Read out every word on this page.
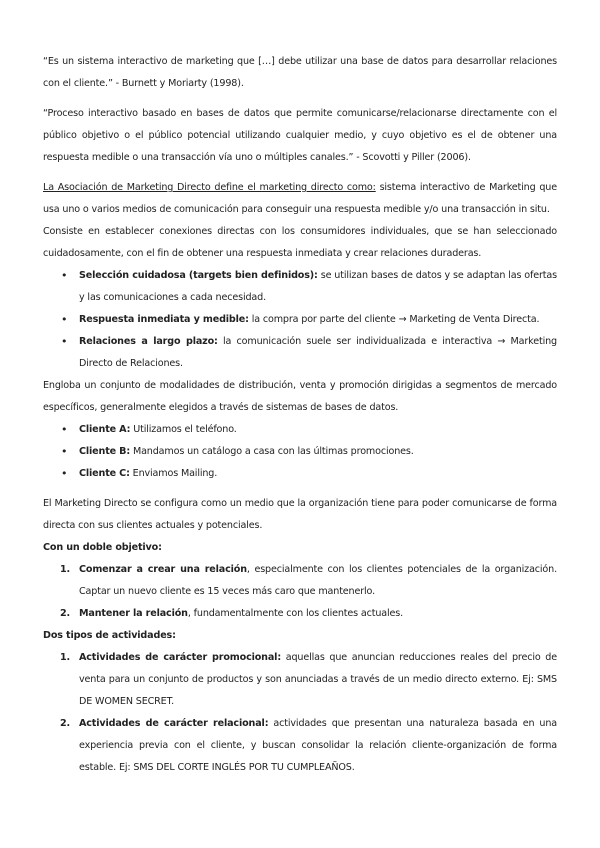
“Es un sistema interactivo de marketing que […] debe utilizar una base de datos para desarrollar relaciones con el cliente.” - Burnett y Moriarty (1998).

“Proceso interactivo basado en bases de datos que permite comunicarse/relacionarse directamente con el público objetivo o el público potencial utilizando cualquier medio, y cuyo objetivo es el de obtener una respuesta medible o una transacción vía uno o múltiples canales.” - Scovotti y Piller (2006).

La Asociación de Marketing Directo define el marketing directo como: sistema interactivo de Marketing que usa uno o varios medios de comunicación para conseguir una respuesta medible y/o una transacción in situ.

Consiste en establecer conexiones directas con los consumidores individuales, que se han seleccionado cuidadosamente, con el fin de obtener una respuesta inmediata y crear relaciones duraderas.

• Selección cuidadosa (targets bien definidos): se utilizan bases de datos y se adaptan las ofertas y las comunicaciones a cada necesidad.
• Respuesta inmediata y medible: la compra por parte del cliente → Marketing de Venta Directa.
• Relaciones a largo plazo: la comunicación suele ser individualizada e interactiva → Marketing Directo de Relaciones.

Engloba un conjunto de modalidades de distribución, venta y promoción dirigidas a segmentos de mercado específicos, generalmente elegidos a través de sistemas de bases de datos.

• Cliente A: Utilizamos el teléfono.
• Cliente B: Mandamos un catálogo a casa con las últimas promociones.
• Cliente C: Enviamos Mailing.

El Marketing Directo se configura como un medio que la organización tiene para poder comunicarse de forma directa con sus clientes actuales y potenciales.

Con un doble objetivo:

1. Comenzar a crear una relación, especialmente con los clientes potenciales de la organización. Captar un nuevo cliente es 15 veces más caro que mantenerlo.
2. Mantener la relación, fundamentalmente con los clientes actuales.

Dos tipos de actividades:

1. Actividades de carácter promocional: aquellas que anuncian reducciones reales del precio de venta para un conjunto de productos y son anunciadas a través de un medio directo externo. Ej: SMS DE WOMEN SECRET.
2. Actividades de carácter relacional: actividades que presentan una naturaleza basada en una experiencia previa con el cliente, y buscan consolidar la relación cliente-organización de forma estable. Ej: SMS DEL CORTE INGLÉS POR TU CUMPLEAÑOS.
